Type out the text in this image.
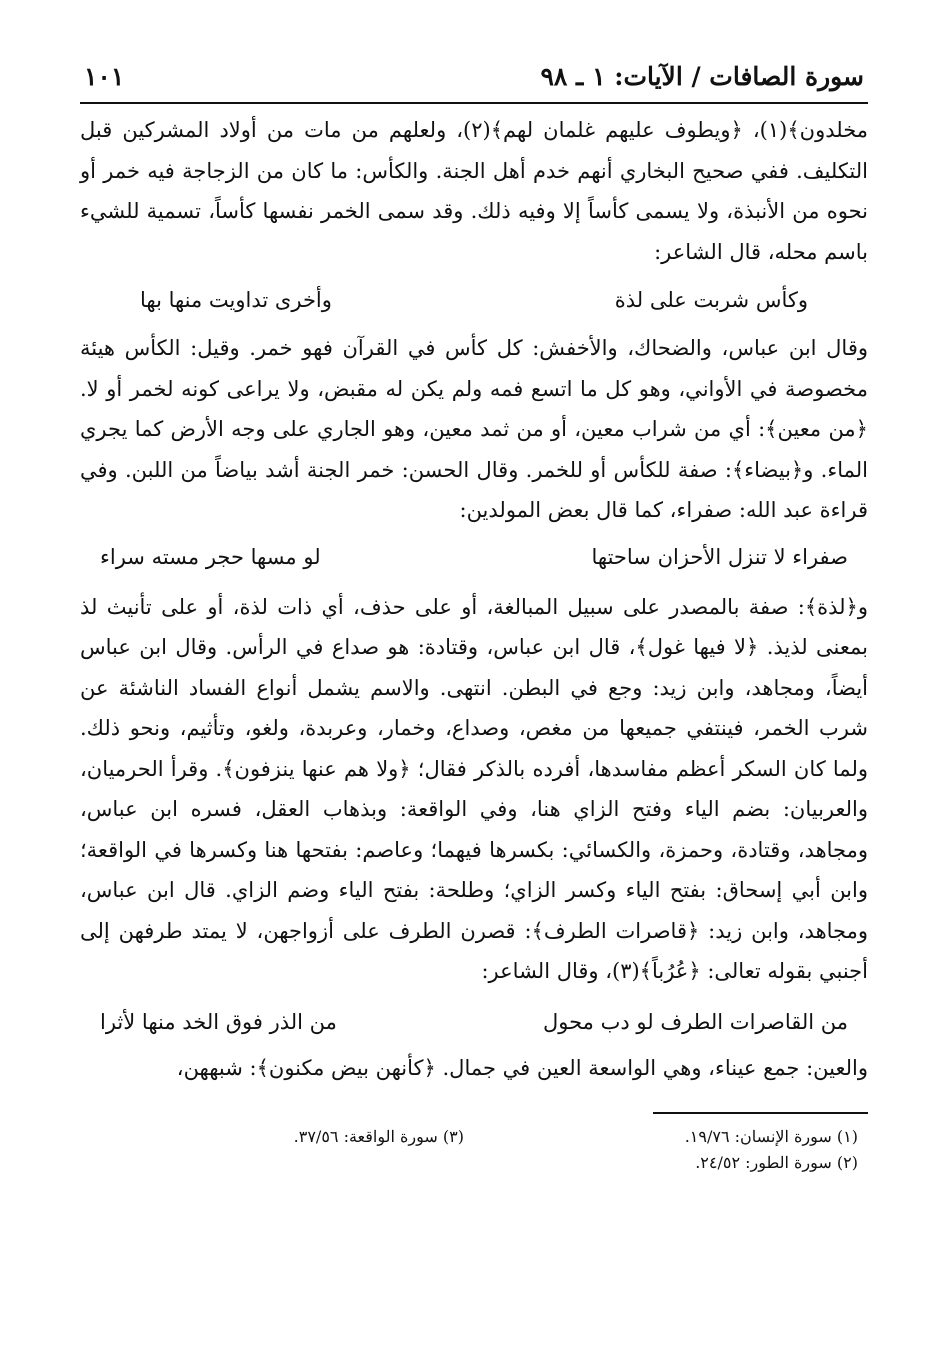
سورة الصافات / الآيات: ١ ـ ٩٨
١٠١

مخلدون﴾(١)، ﴿ويطوف عليهم غلمان لهم﴾(٢)، ولعلهم من مات من أولاد المشركين قبل التكليف. ففي صحيح البخاري أنهم خدم أهل الجنة. والكأس: ما كان من الزجاجة فيه خمر أو نحوه من الأنبذة، ولا يسمى كأساً إلا وفيه ذلك. وقد سمى الخمر نفسها كأساً، تسمية للشيء باسم محله، قال الشاعر:

وكأس شربت على لذة
وأخرى تداويت منها بها

وقال ابن عباس، والضحاك، والأخفش: كل كأس في القرآن فهو خمر. وقيل: الكأس هيئة مخصوصة في الأواني، وهو كل ما اتسع فمه ولم يكن له مقبض، ولا يراعى كونه لخمر أو لا. ﴿من معين﴾: أي من شراب معين، أو من ثمد معين، وهو الجاري على وجه الأرض كما يجري الماء. و﴿بيضاء﴾: صفة للكأس أو للخمر. وقال الحسن: خمر الجنة أشد بياضاً من اللبن. وفي قراءة عبد الله: صفراء، كما قال بعض المولدين:

صفراء لا تنزل الأحزان ساحتها
لو مسها حجر مسته سراء

و﴿لذة﴾: صفة بالمصدر على سبيل المبالغة، أو على حذف، أي ذات لذة، أو على تأنيث لذ بمعنى لذيذ. ﴿لا فيها غول﴾، قال ابن عباس، وقتادة: هو صداع في الرأس. وقال ابن عباس أيضاً، ومجاهد، وابن زيد: وجع في البطن. انتهى. والاسم يشمل أنواع الفساد الناشئة عن شرب الخمر، فينتفي جميعها من مغص، وصداع، وخمار، وعربدة، ولغو، وتأثيم، ونحو ذلك. ولما كان السكر أعظم مفاسدها، أفرده بالذكر فقال؛ ﴿ولا هم عنها ينزفون﴾. وقرأ الحرميان، والعربيان: بضم الياء وفتح الزاي هنا، وفي الواقعة: وبذهاب العقل، فسره ابن عباس، ومجاهد، وقتادة، وحمزة، والكسائي: بكسرها فيهما؛ وعاصم: بفتحها هنا وكسرها في الواقعة؛ وابن أبي إسحاق: بفتح الياء وكسر الزاي؛ وطلحة: بفتح الياء وضم الزاي. قال ابن عباس، ومجاهد، وابن زيد: ﴿قاصرات الطرف﴾: قصرن الطرف على أزواجهن، لا يمتد طرفهن إلى أجنبي بقوله تعالى: ﴿عُرُباً﴾(٣)، وقال الشاعر:

من القاصرات الطرف لو دب محول
من الذر فوق الخد منها لأثرا

والعين: جمع عيناء، وهي الواسعة العين في جمال. ﴿كأنهن بيض مكنون﴾: شبههن،

(١) سورة الإنسان: ١٩/٧٦.
(٢) سورة الطور: ٢٤/٥٢.
(٣) سورة الواقعة: ٣٧/٥٦.
